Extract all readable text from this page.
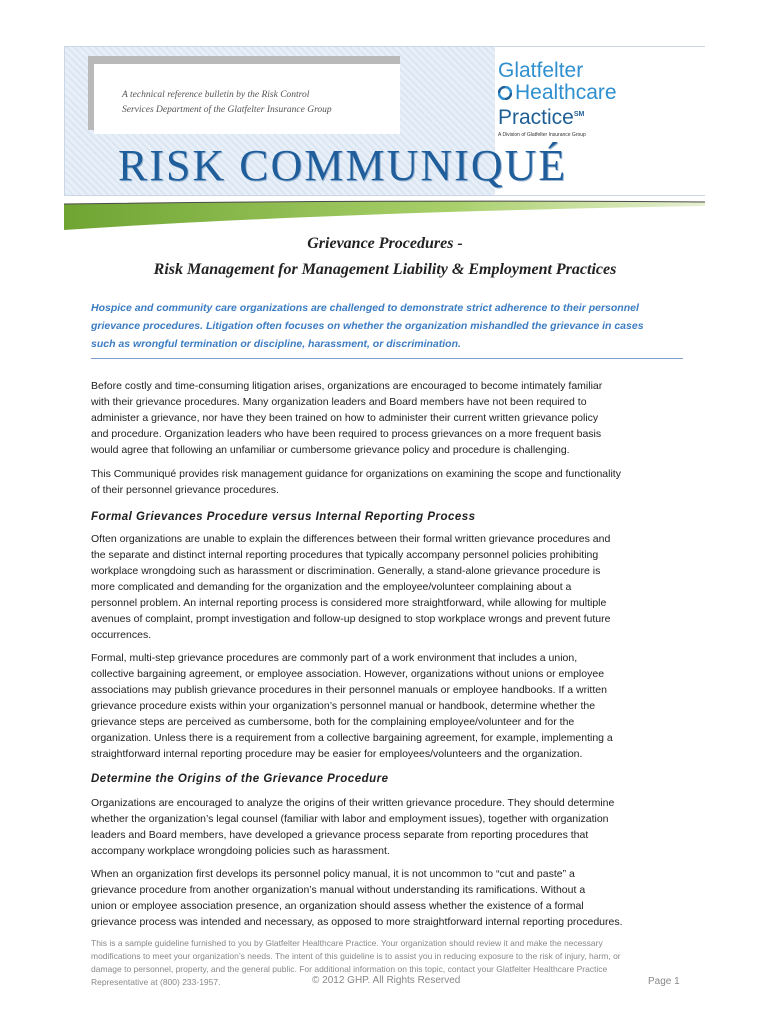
A technical reference bulletin by the Risk Control
Services Department of the Glatfelter Insurance Group
Glatfelter
Healthcare
Practice℠
A Division of Glatfelter Insurance Group
RISK COMMUNIQUÉ
Grievance Procedures -
Risk Management for Management Liability & Employment Practices
Hospice and community care organizations are challenged to demonstrate strict adherence to their personnel
grievance procedures. Litigation often focuses on whether the organization mishandled the grievance in cases
such as wrongful termination or discipline, harassment, or discrimination.
Before costly and time-consuming litigation arises, organizations are encouraged to become intimately familiar
with their grievance procedures. Many organization leaders and Board members have not been required to
administer a grievance, nor have they been trained on how to administer their current written grievance policy
and procedure. Organization leaders who have been required to process grievances on a more frequent basis
would agree that following an unfamiliar or cumbersome grievance policy and procedure is challenging.
This Communiqué provides risk management guidance for organizations on examining the scope and functionality
of their personnel grievance procedures.
Formal Grievances Procedure versus Internal Reporting Process
Often organizations are unable to explain the differences between their formal written grievance procedures and
the separate and distinct internal reporting procedures that typically accompany personnel policies prohibiting
workplace wrongdoing such as harassment or discrimination. Generally, a stand-alone grievance procedure is
more complicated and demanding for the organization and the employee/volunteer complaining about a
personnel problem. An internal reporting process is considered more straightforward, while allowing for multiple
avenues of complaint, prompt investigation and follow-up designed to stop workplace wrongs and prevent future
occurrences.
Formal, multi-step grievance procedures are commonly part of a work environment that includes a union,
collective bargaining agreement, or employee association. However, organizations without unions or employee
associations may publish grievance procedures in their personnel manuals or employee handbooks. If a written
grievance procedure exists within your organization’s personnel manual or handbook, determine whether the
grievance steps are perceived as cumbersome, both for the complaining employee/volunteer and for the
organization. Unless there is a requirement from a collective bargaining agreement, for example, implementing a
straightforward internal reporting procedure may be easier for employees/volunteers and the organization.
Determine the Origins of the Grievance Procedure
Organizations are encouraged to analyze the origins of their written grievance procedure. They should determine
whether the organization’s legal counsel (familiar with labor and employment issues), together with organization
leaders and Board members, have developed a grievance process separate from reporting procedures that
accompany workplace wrongdoing policies such as harassment.
When an organization first develops its personnel policy manual, it is not uncommon to “cut and paste” a
grievance procedure from another organization’s manual without understanding its ramifications. Without a
union or employee association presence, an organization should assess whether the existence of a formal
grievance process was intended and necessary, as opposed to more straightforward internal reporting procedures.
This is a sample guideline furnished to you by Glatfelter Healthcare Practice. Your organization should review it and make the necessary
modifications to meet your organization’s needs. The intent of this guideline is to assist you in reducing exposure to the risk of injury, harm, or
damage to personnel, property, and the general public. For additional information on this topic, contact your Glatfelter Healthcare Practice
Representative at (800) 233-1957.	© 2012 GHP. All Rights Reserved	Page 1
